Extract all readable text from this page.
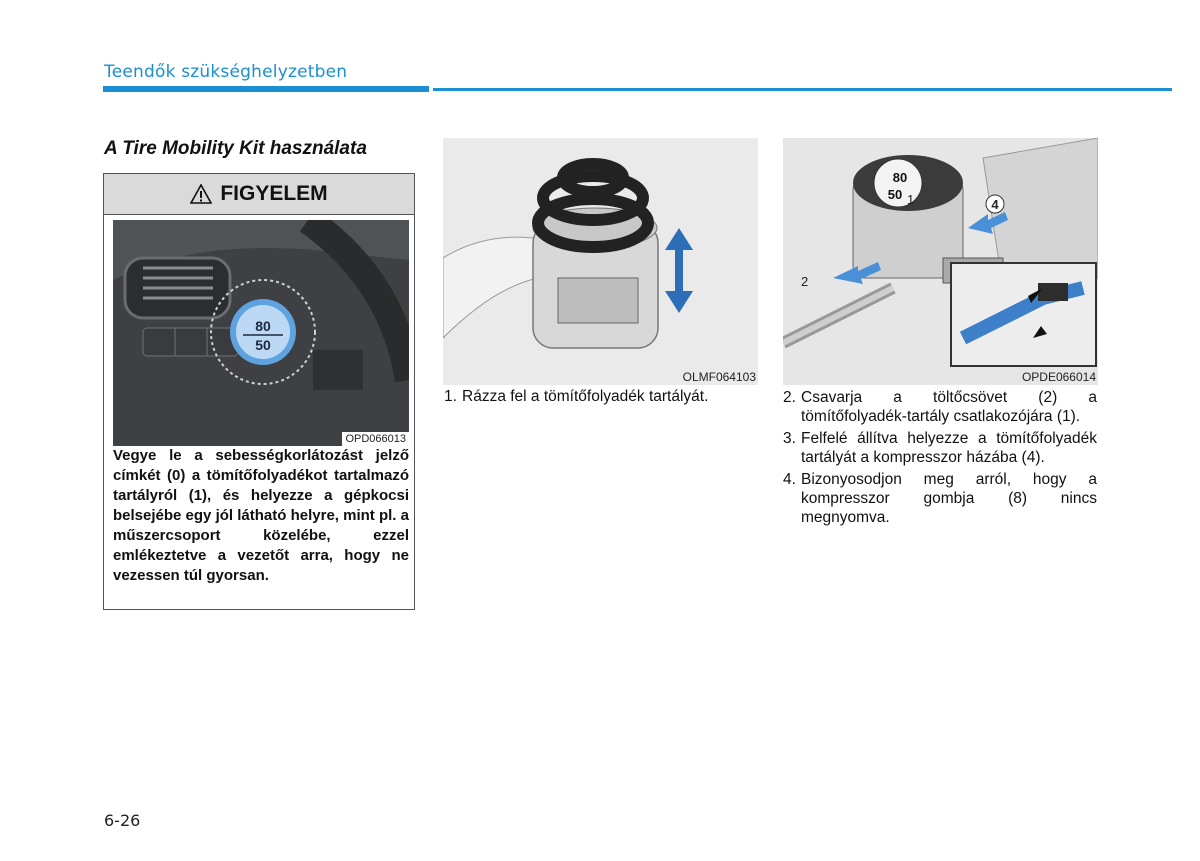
Teendők szükséghelyzetben
A Tire Mobility Kit használata
FIGYELEM
80
50
OPD066013
Vegye le a sebességkorlátozást jelző címkét (0) a tömítőfolyadékot tartalmazó tartályról (1), és helyezze a gépkocsi belsejébe egy jól látható helyre, mint pl. a műszercsoport közelébe, ezzel emlékeztetve a vezetőt arra, hogy ne vezessen túl gyorsan.
OLMF064103
1. Rázza fel a tömítőfolyadék tartályát.
80
50
2
4
1
OPDE066014
2. Csavarja a töltőcsövet (2) a tömítőfolyadék-tartály csatlakozójára (1).
3. Felfelé állítva helyezze a tömítőfolyadék tartályát a kompresszor házába (4).
4. Bizonyosodjon meg arról, hogy a kompresszor gombja (8) nincs megnyomva.
6-26
